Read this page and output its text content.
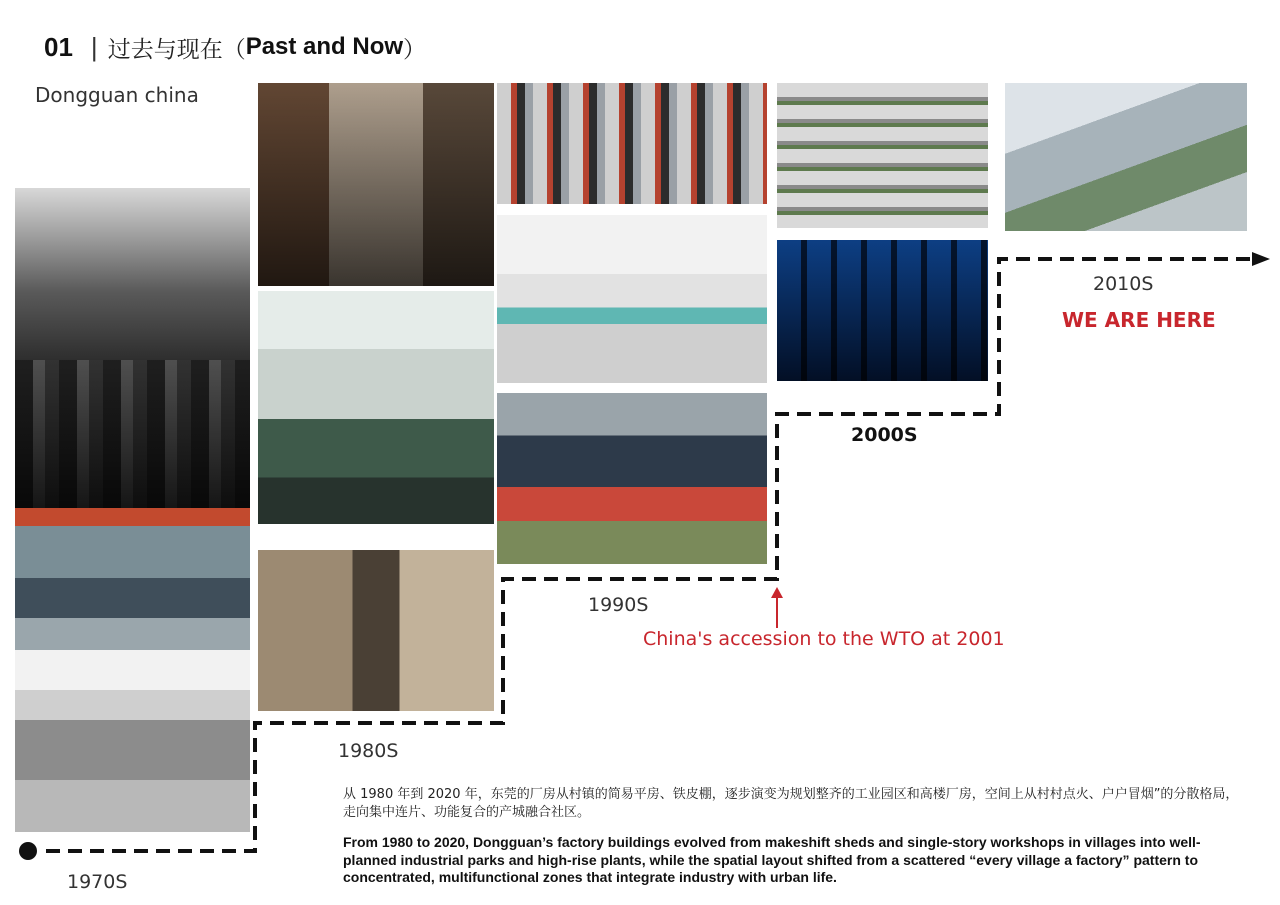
01 | 过去与现在（ Past and Now ）
Dongguan china
1970S
1980S
1990S
2000S
2010S
WE ARE HERE
China's accession to the WTO at 2001
从 1980 年到 2020 年，东莞的厂房从村镇的简易平房、铁皮棚，逐步演变为规划整齐的工业园区和高楼厂房，空间上从村村点火、户户冒烟”的分散格局，走向集中连片、功能复合的产城融合社区。
From 1980 to 2020, Dongguan’s factory buildings evolved from makeshift sheds and single-story workshops in villages into well-planned industrial parks and high-rise plants, while the spatial layout shifted from a scattered “every village a factory” pattern to concentrated, multifunctional zones that integrate industry with urban life.
